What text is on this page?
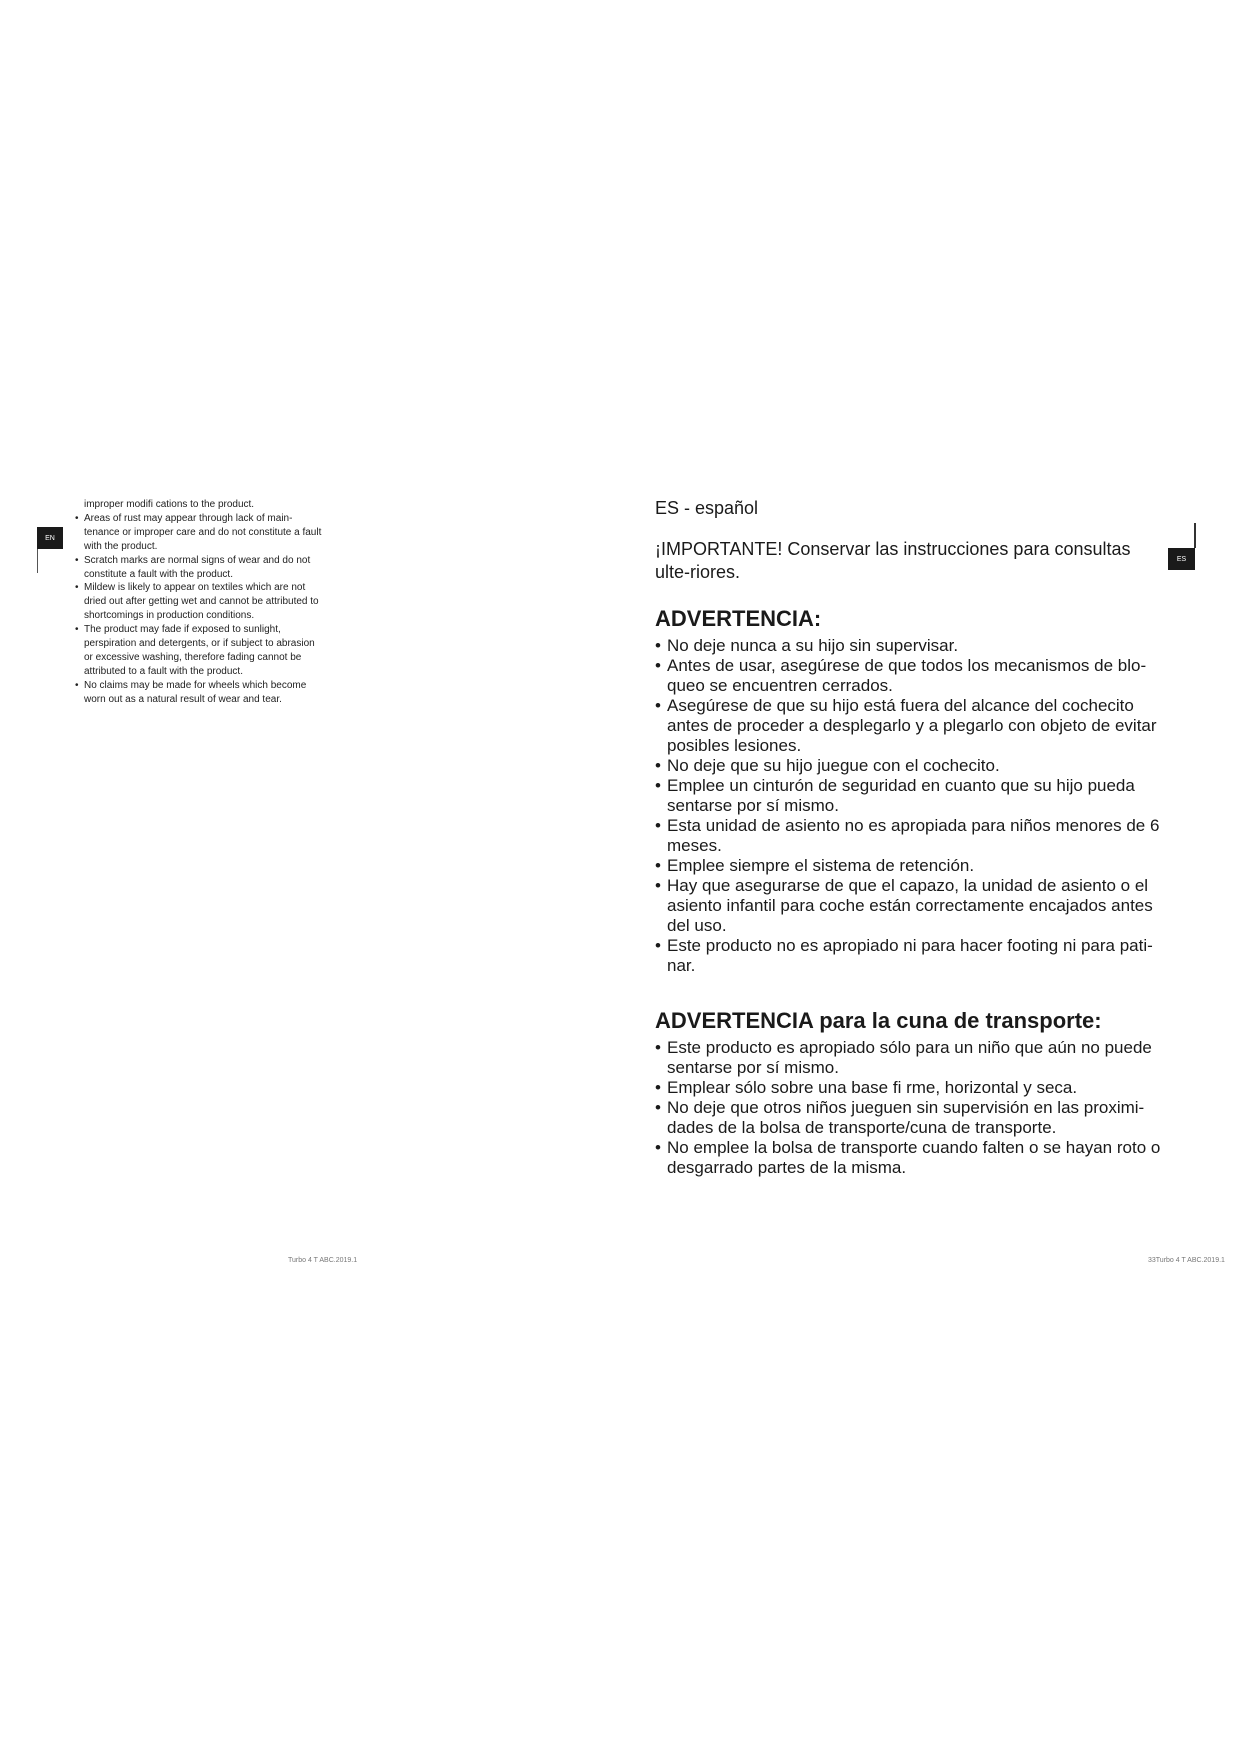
EN
improper modifi cations to the product.
• Areas of rust may appear through lack of main-tenance or improper care and do not constitute a fault with the product.
• Scratch marks are normal signs of wear and do not constitute a fault with the product.
• Mildew is likely to appear on textiles which are not dried out after getting wet and cannot be attributed to shortcomings in production conditions.
• The product may fade if exposed to sunlight, perspiration and detergents, or if subject to abrasion or excessive washing, therefore fading cannot be attributed to a fault with the product.
• No claims may be made for wheels which become worn out as a natural result of wear and tear.
Turbo 4 T ABC.2019.1

ES - español

¡IMPORTANTE! Conservar las instrucciones para consultas ulte-riores.

ADVERTENCIA:
• No deje nunca a su hijo sin supervisar.
• Antes de usar, asegúrese de que todos los mecanismos de blo-queo se encuentren cerrados.
• Asegúrese de que su hijo está fuera del alcance del cochecito antes de proceder a desplegarlo y a plegarlo con objeto de evitar posibles lesiones.
• No deje que su hijo juegue con el cochecito.
• Emplee un cinturón de seguridad en cuanto que su hijo pueda sentarse por sí mismo.
• Esta unidad de asiento no es apropiada para niños menores de 6 meses.
• Emplee siempre el sistema de retención.
• Hay que asegurarse de que el capazo, la unidad de asiento o el asiento infantil para coche están correctamente encajados antes del uso.
• Este producto no es apropiado ni para hacer footing ni para pati-nar.
ADVERTENCIA para la cuna de transporte:
• Este producto es apropiado sólo para un niño que aún no puede sentarse por sí mismo.
• Emplear sólo sobre una base fi rme, horizontal y seca.
• No deje que otros niños jueguen sin supervisión en las proximi-dades de la bolsa de transporte/cuna de transporte.
• No emplee la bolsa de transporte cuando falten o se hayan roto o desgarrado partes de la misma.
ES
33Turbo 4 T ABC.2019.1
